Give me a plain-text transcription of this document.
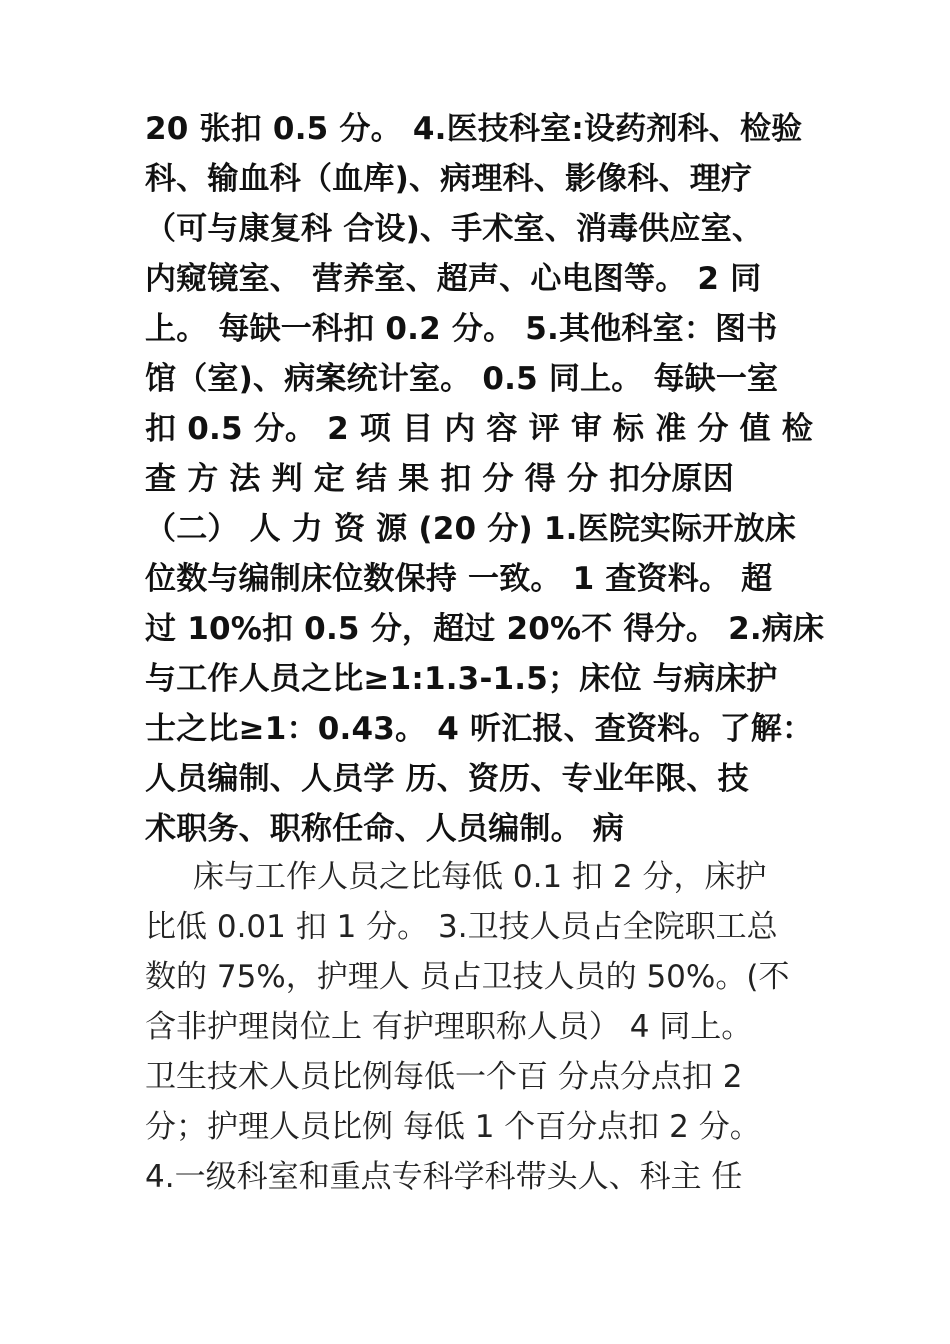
20 张扣 0.5 分。 4.医技科室:设药剂科、检验
科、输血科（血库)、病理科、影像科、理疗
（可与康复科 合设)、手术室、消毒供应室、
内窥镜室、 营养室、超声、心电图等。 2 同
上。 每缺一科扣 0.2 分。 5.其他科室：图书
馆（室)、病案统计室。 0.5 同上。 每缺一室
扣 0.5 分。 2 项 目 内 容 评 审 标 准 分 值 检
查 方 法 判 定 结 果 扣 分 得 分 扣分原因
（二） 人 力 资 源 (20 分) 1.医院实际开放床
位数与编制床位数保持 一致。 1 查资料。 超
过 10%扣 0.5 分，超过 20%不 得分。 2.病床
与工作人员之比≥1:1.3-1.5；床位 与病床护
士之比≥1：0.43。 4 听汇报、查资料。了解：
人员编制、人员学 历、资历、专业年限、技
术职务、职称任命、人员编制。 病
床与工作人员之比每低 0.1 扣 2 分，床护
比低 0.01 扣 1 分。 3.卫技人员占全院职工总
数的 75%，护理人 员占卫技人员的 50%。(不
含非护理岗位上 有护理职称人员） 4 同上。
卫生技术人员比例每低一个百 分点分点扣 2
分；护理人员比例 每低 1 个百分点扣 2 分。
4.一级科室和重点专科学科带头人、科主 任
